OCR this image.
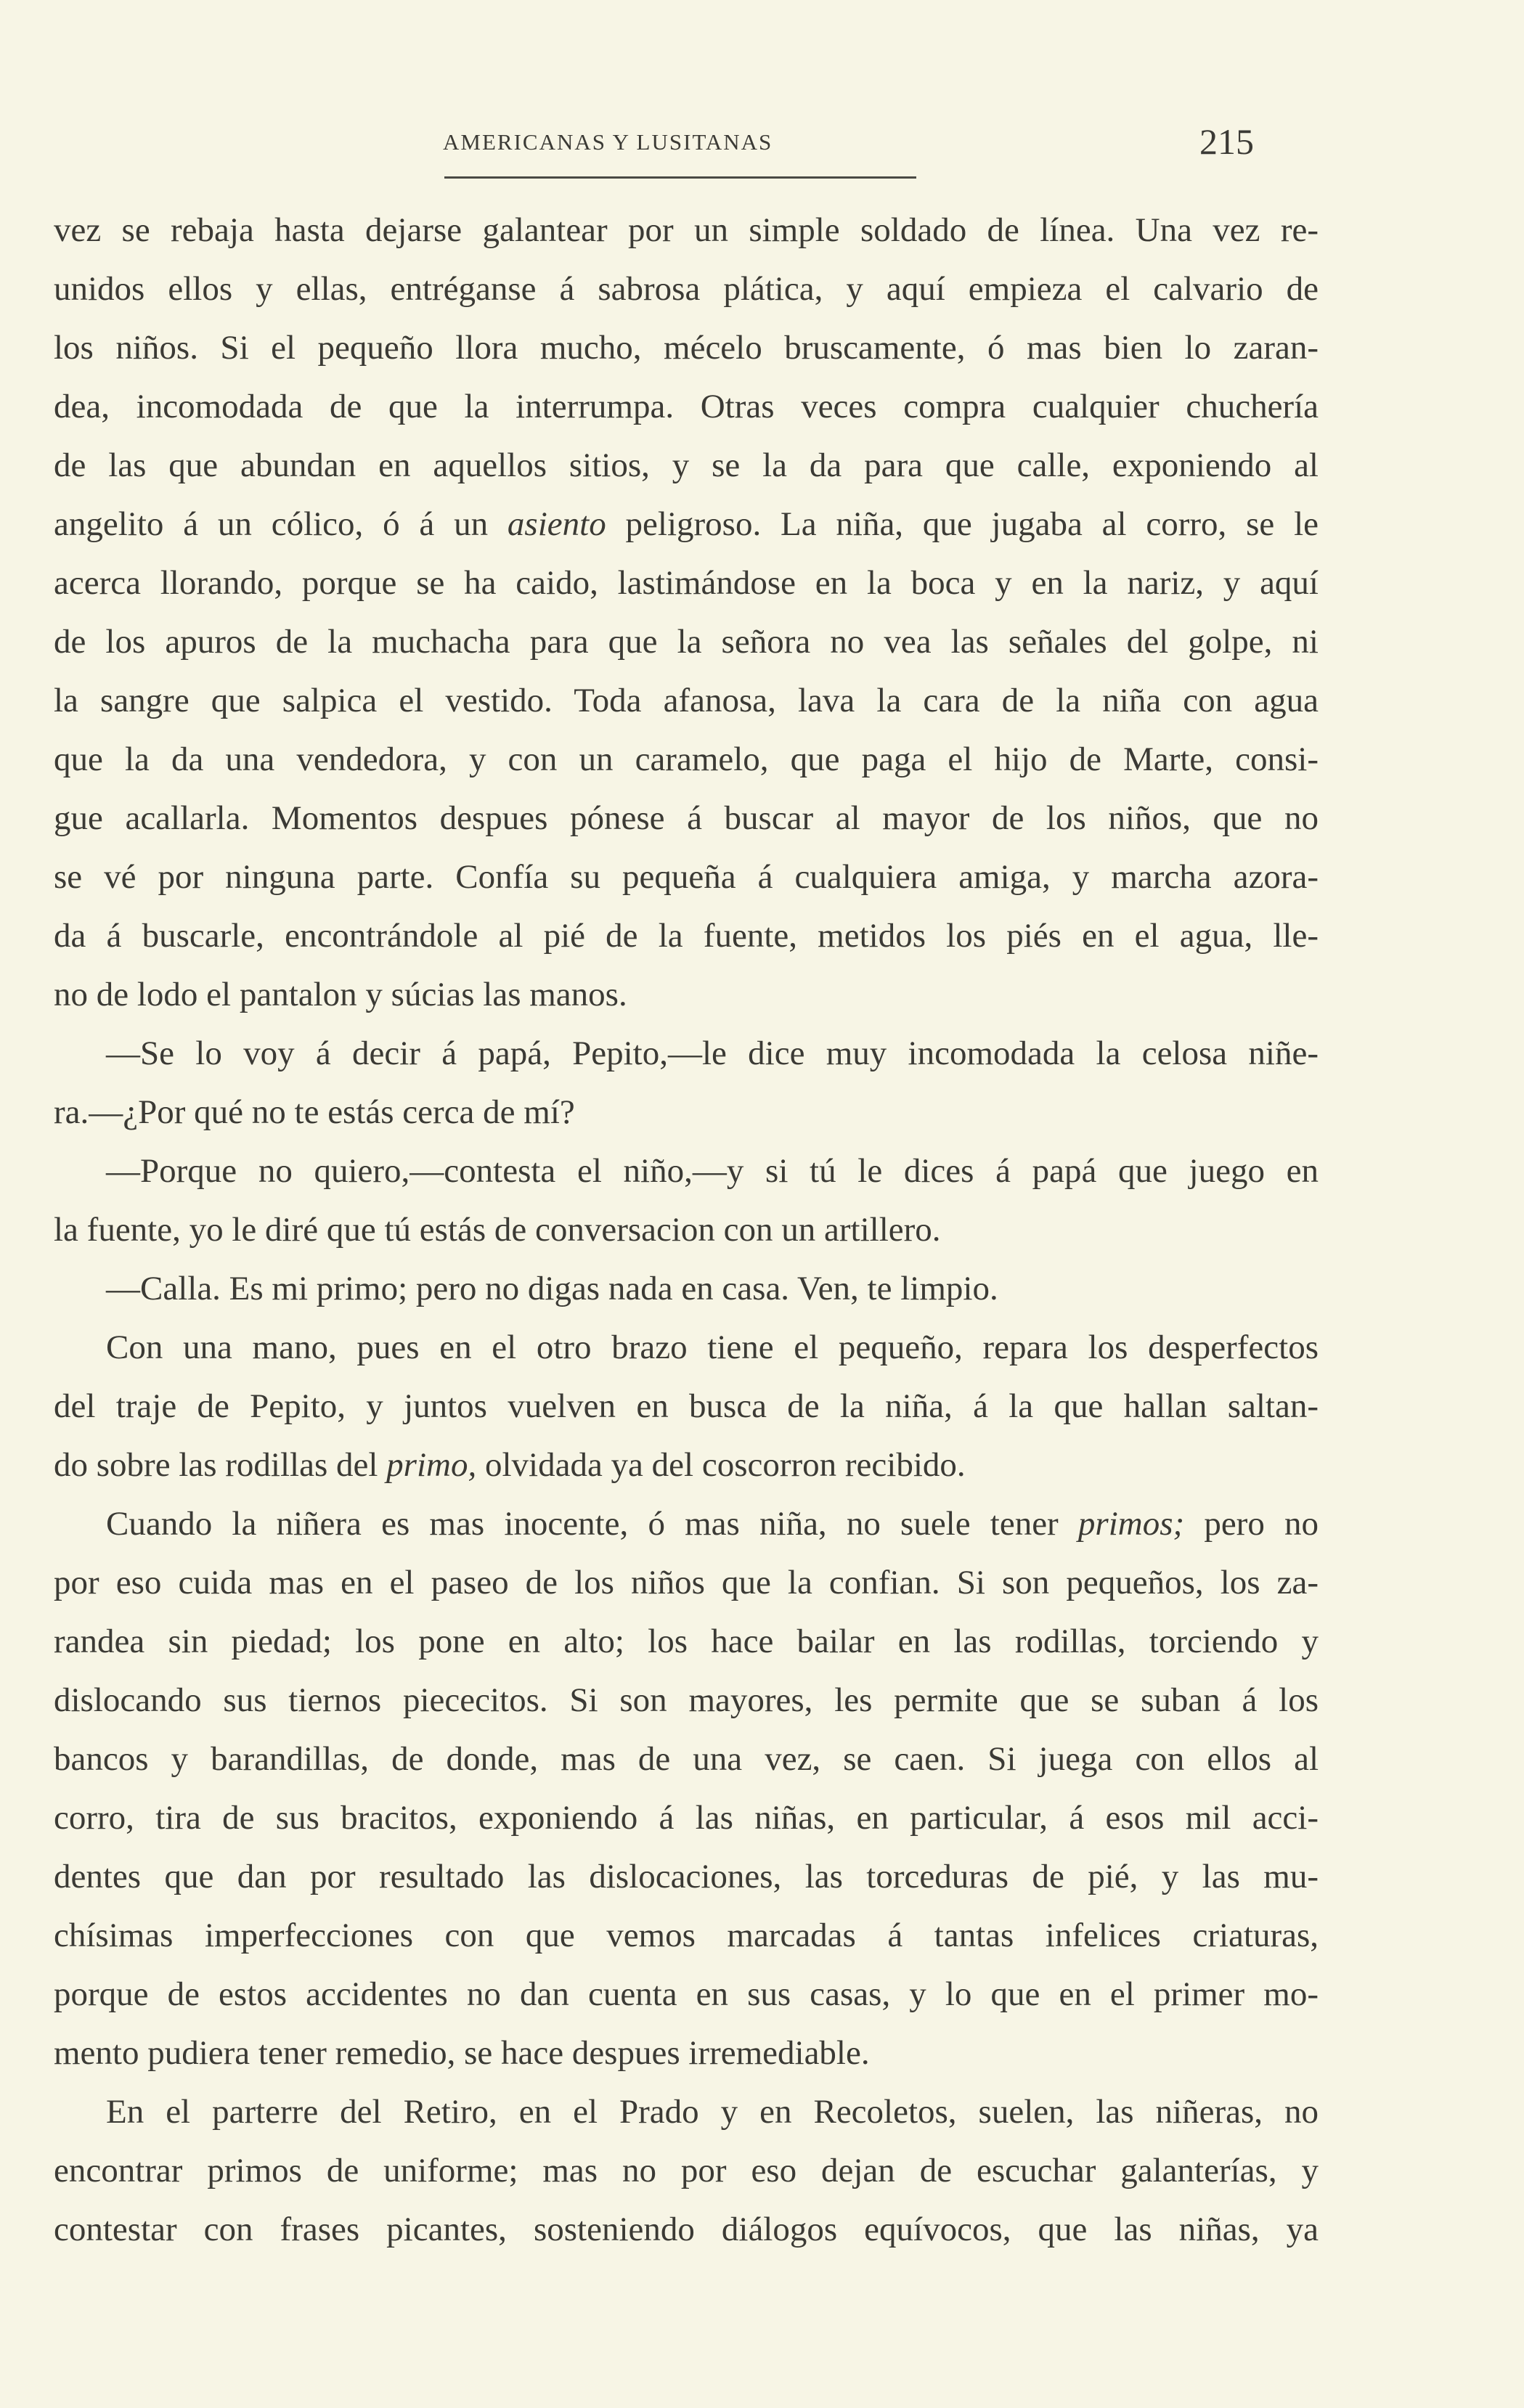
AMERICANAS Y LUSITANAS	215
vez se rebaja hasta dejarse galantear por un simple soldado de línea. Una vez re-
unidos ellos y ellas, entréganse á sabrosa plática, y aquí empieza el calvario de
los niños. Si el pequeño llora mucho, mécelo bruscamente, ó mas bien lo zaran-
dea, incomodada de que la interrumpa. Otras veces compra cualquier chuchería
de las que abundan en aquellos sitios, y se la da para que calle, exponiendo al
angelito á un cólico, ó á un asiento peligroso. La niña, que jugaba al corro, se le
acerca llorando, porque se ha caido, lastimándose en la boca y en la nariz, y aquí
de los apuros de la muchacha para que la señora no vea las señales del golpe, ni
la sangre que salpica el vestido. Toda afanosa, lava la cara de la niña con agua
que la da una vendedora, y con un caramelo, que paga el hijo de Marte, consi-
gue acallarla. Momentos despues pónese á buscar al mayor de los niños, que no
se vé por ninguna parte. Confía su pequeña á cualquiera amiga, y marcha azora-
da á buscarle, encontrándole al pié de la fuente, metidos los piés en el agua, lle-
no de lodo el pantalon y súcias las manos.
—Se lo voy á decir á papá, Pepito,—le dice muy incomodada la celosa niñe-
ra.—¿Por qué no te estás cerca de mí?
—Porque no quiero,—contesta el niño,—y si tú le dices á papá que juego en
la fuente, yo le diré que tú estás de conversacion con un artillero.
—Calla. Es mi primo; pero no digas nada en casa. Ven, te limpio.
Con una mano, pues en el otro brazo tiene el pequeño, repara los desperfectos
del traje de Pepito, y juntos vuelven en busca de la niña, á la que hallan saltan-
do sobre las rodillas del primo, olvidada ya del coscorron recibido.
Cuando la niñera es mas inocente, ó mas niña, no suele tener primos; pero no
por eso cuida mas en el paseo de los niños que la confian. Si son pequeños, los za-
randea sin piedad; los pone en alto; los hace bailar en las rodillas, torciendo y
dislocando sus tiernos piececitos. Si son mayores, les permite que se suban á los
bancos y barandillas, de donde, mas de una vez, se caen. Si juega con ellos al
corro, tira de sus bracitos, exponiendo á las niñas, en particular, á esos mil acci-
dentes que dan por resultado las dislocaciones, las torceduras de pié, y las mu-
chísimas imperfecciones con que vemos marcadas á tantas infelices criaturas,
porque de estos accidentes no dan cuenta en sus casas, y lo que en el primer mo-
mento pudiera tener remedio, se hace despues irremediable.
En el parterre del Retiro, en el Prado y en Recoletos, suelen, las niñeras, no
encontrar primos de uniforme; mas no por eso dejan de escuchar galanterías, y
contestar con frases picantes, sosteniendo diálogos equívocos, que las niñas, ya
